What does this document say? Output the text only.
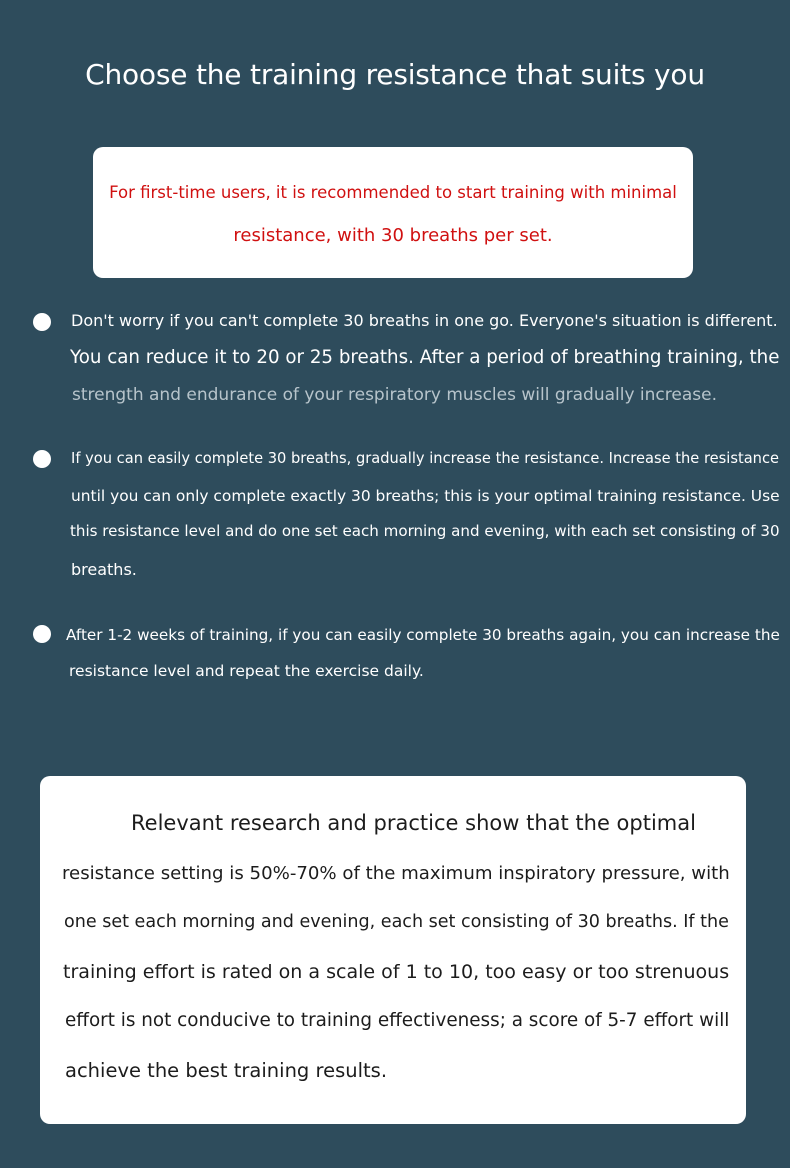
Choose the training resistance that suits you
For first-time users, it is recommended to start training with minimal
resistance, with 30 breaths per set.
Don't worry if you can't complete 30 breaths in one go. Everyone's situation is different.
You can reduce it to 20 or 25 breaths. After a period of breathing training, the
strength and endurance of your respiratory muscles will gradually increase.
If you can easily complete 30 breaths, gradually increase the resistance. Increase the resistance
until you can only complete exactly 30 breaths; this is your optimal training resistance. Use
this resistance level and do one set each morning and evening, with each set consisting of 30
breaths.
After 1-2 weeks of training, if you can easily complete 30 breaths again, you can increase the
resistance level and repeat the exercise daily.
Relevant research and practice show that the optimal
resistance setting is 50%-70% of the maximum inspiratory pressure, with
one set each morning and evening, each set consisting of 30 breaths. If the
training effort is rated on a scale of 1 to 10, too easy or too strenuous
effort is not conducive to training effectiveness; a score of 5-7 effort will
achieve the best training results.
